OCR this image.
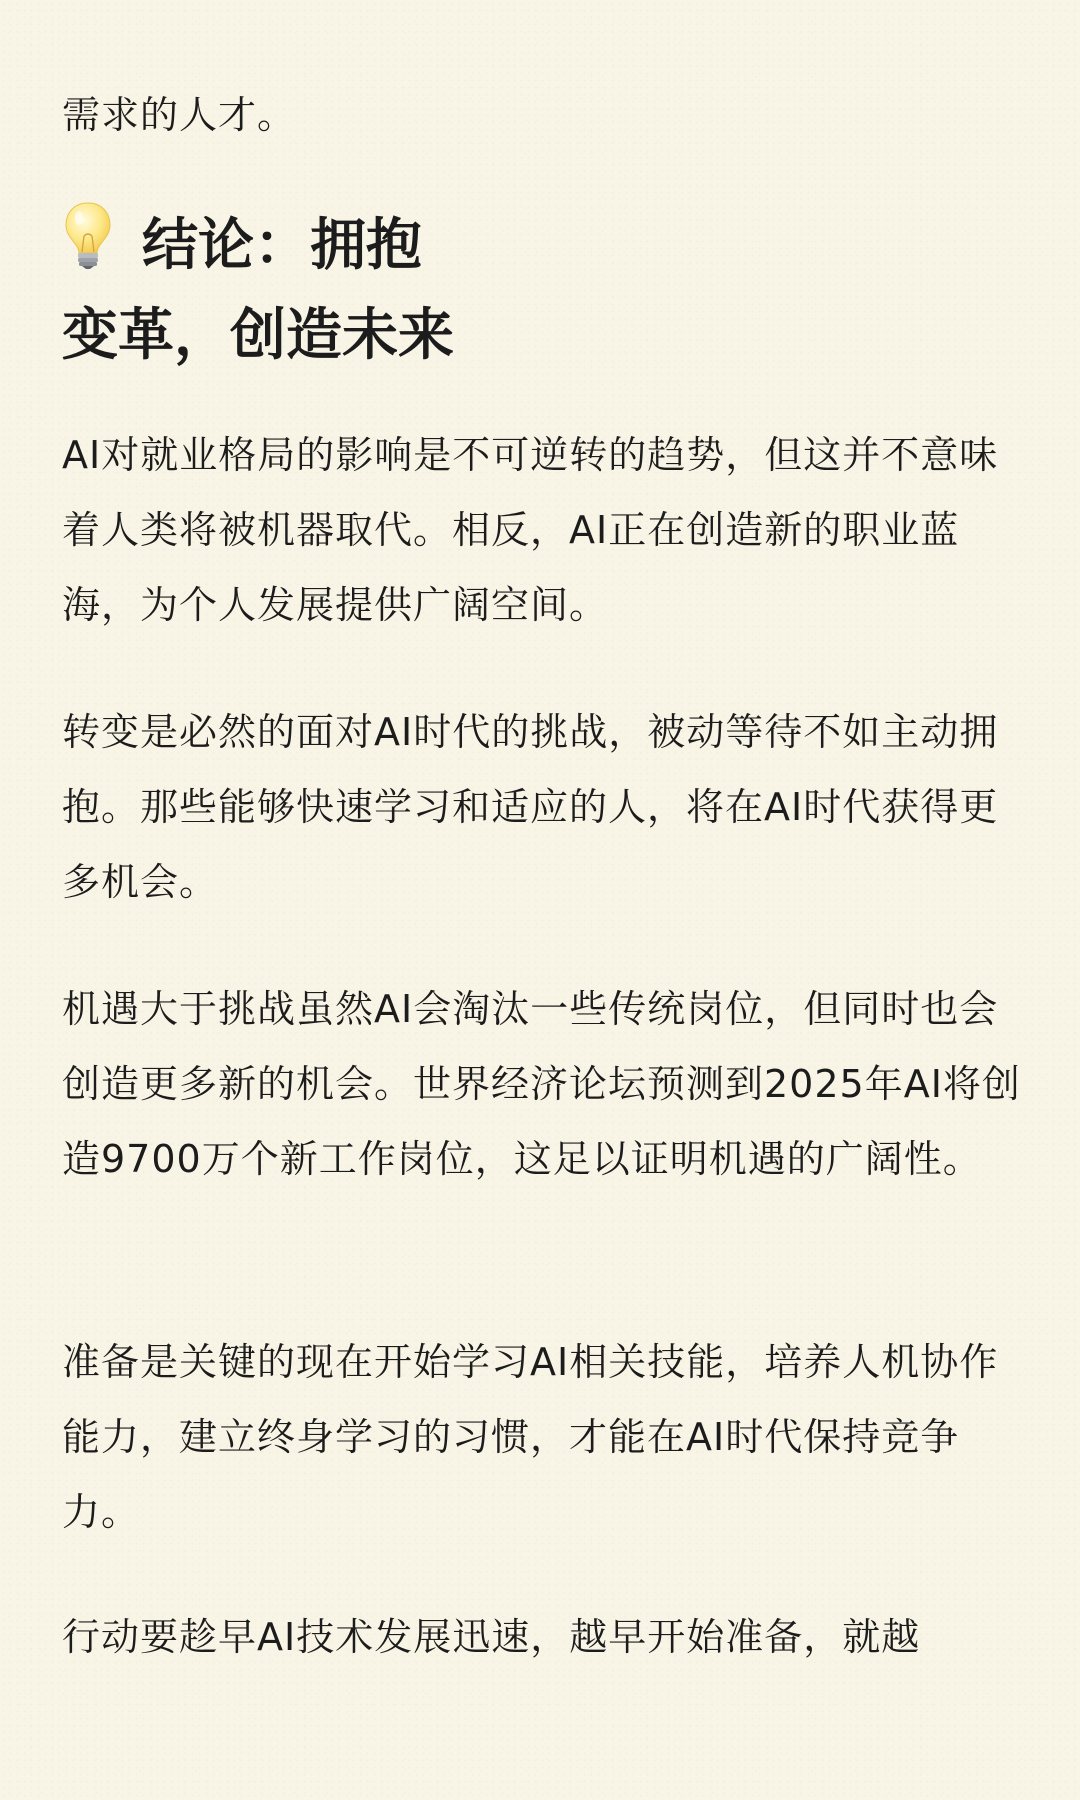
需求的人才。

结论：拥抱
变革，创造未来

AI对就业格局的影响是不可逆转的趋势，但这并不意味着人类将被机器取代。相反，AI正在创造新的职业蓝海，为个人发展提供广阔空间。

转变是必然的面对AI时代的挑战，被动等待不如主动拥抱。那些能够快速学习和适应的人，将在AI时代获得更多机会。

机遇大于挑战虽然AI会淘汰一些传统岗位，但同时也会创造更多新的机会。世界经济论坛预测到2025年AI将创造9700万个新工作岗位，这足以证明机遇的广阔性。

准备是关键的现在开始学习AI相关技能，培养人机协作能力，建立终身学习的习惯，才能在AI时代保持竞争力。

行动要趁早AI技术发展迅速，越早开始准备，就越
